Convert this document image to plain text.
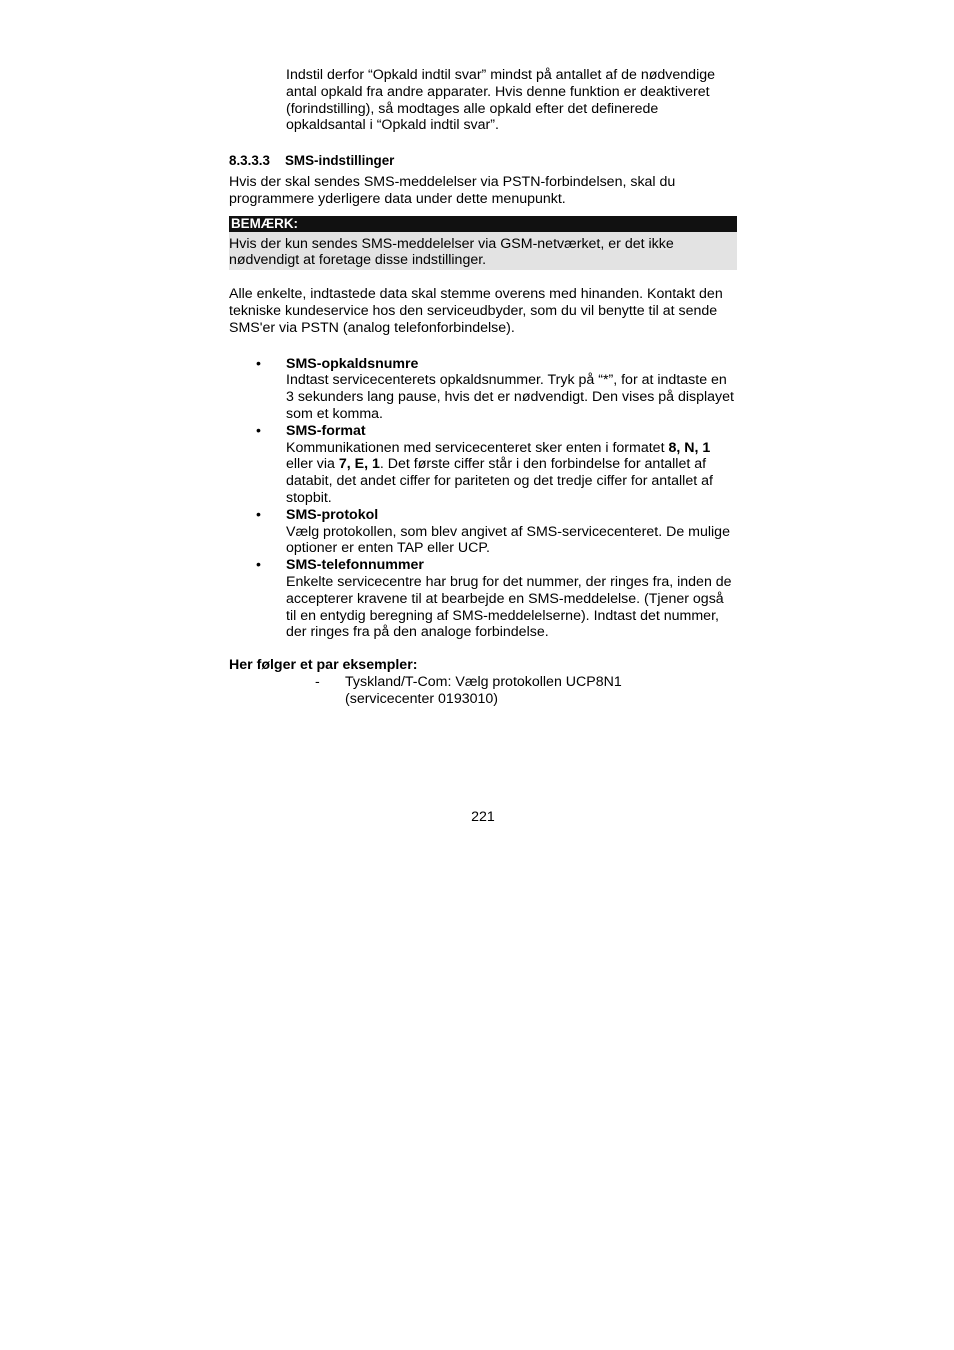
Indstil derfor “Opkald indtil svar” mindst på antallet af de nødvendige antal opkald fra andre apparater. Hvis denne funktion er deaktiveret (forindstilling), så modtages alle opkald efter det definerede opkaldsantal i “Opkald indtil svar”.

8.3.3.3 SMS-indstillinger

Hvis der skal sendes SMS-meddelelser via PSTN-forbindelsen, skal du programmere yderligere data under dette menupunkt.

BEMÆRK:

Hvis der kun sendes SMS-meddelelser via GSM-netværket, er det ikke nødvendigt at foretage disse indstillinger.

Alle enkelte, indtastede data skal stemme overens med hinanden. Kontakt den tekniske kundeservice hos den serviceudbyder, som du vil benytte til at sende SMS'er via PSTN (analog telefonforbindelse).

• SMS-opkaldsnumre
Indtast servicecenterets opkaldsnummer. Tryk på “*”, for at indtaste en 3 sekunders lang pause, hvis det er nødvendigt. Den vises på displayet som et komma.
• SMS-format
Kommunikationen med servicecenteret sker enten i formatet 8, N, 1 eller via 7, E, 1. Det første ciffer står i den forbindelse for antallet af databit, det andet ciffer for pariteten og det tredje ciffer for antallet af stopbit.
• SMS-protokol
Vælg protokollen, som blev angivet af SMS-servicecenteret. De mulige optioner er enten TAP eller UCP.
• SMS-telefonnummer
Enkelte servicecentre har brug for det nummer, der ringes fra, inden de accepterer kravene til at bearbejde en SMS-meddelelse. (Tjener også til en entydig beregning af SMS-meddelelserne). Indtast det nummer, der ringes fra på den analoge forbindelse.

Her følger et par eksempler:

- Tyskland/T-Com: Vælg protokollen UCP8N1
(servicecenter 0193010)
221
